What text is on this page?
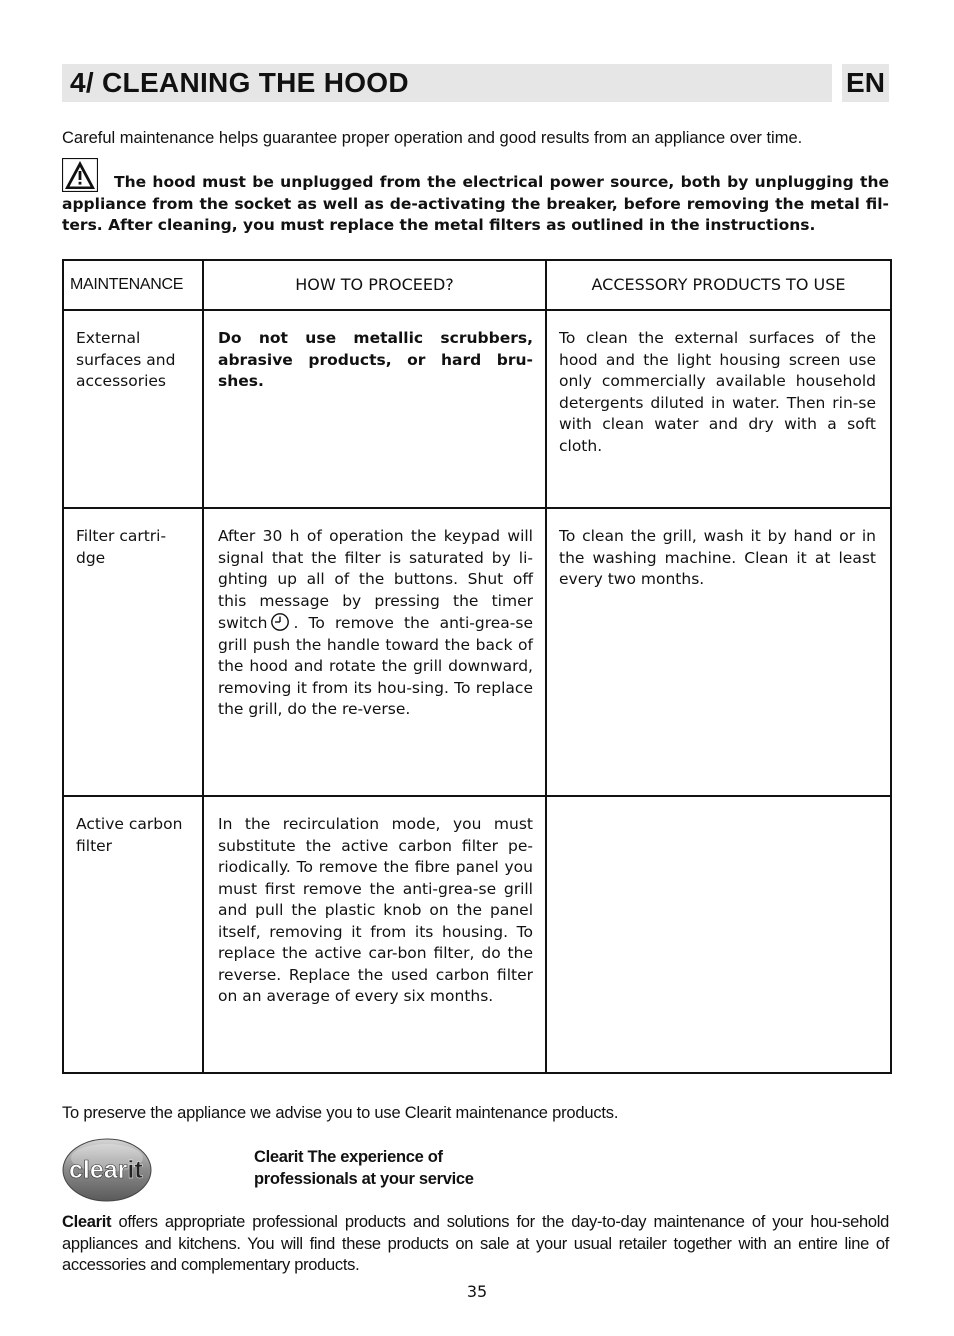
4/ CLEANING THE HOOD	EN
Careful maintenance helps guarantee proper operation and good results from an appliance over time.
The hood must be unplugged from the electrical power source, both by unplugging the appliance from the socket as well as de-activating the breaker, before removing the metal fil-ters. After cleaning, you must replace the metal filters as outlined in the instructions.
MAINTENANCE	HOW TO PROCEED?	ACCESSORY PRODUCTS TO USE
External surfaces and accessories	Do not use metallic scrubbers, abrasive products, or hard bru-shes.	To clean the external surfaces of the hood and the light housing screen use only commercially available household detergents diluted in water. Then rin-se with clean water and dry with a soft cloth.
Filter cartri-dge	After 30 h of operation the keypad will signal that the filter is saturated by li-ghting up all of the buttons. Shut off this message by pressing the timer switch . To remove the anti-grea-se grill push the handle toward the back of the hood and rotate the grill downward, removing it from its hou-sing. To replace the grill, do the re-verse.	To clean the grill, wash it by hand or in the washing machine. Clean it at least every two months.
Active carbon filter	In the recirculation mode, you must substitute the active carbon filter pe-riodically. To remove the fibre panel you must first remove the anti-grea-se grill and pull the plastic knob on the panel itself, removing it from its housing. To replace the active car-bon filter, do the reverse. Replace the used carbon filter on an average of every six months.	
To preserve the appliance we advise you to use Clearit maintenance products.
clearit	Clearit The experience of
professionals at your service
Clearit offers appropriate professional products and solutions for the day-to-day maintenance of your hou-sehold appliances and kitchens. You will find these products on sale at your usual retailer together with an entire line of accessories and complementary products.
35
